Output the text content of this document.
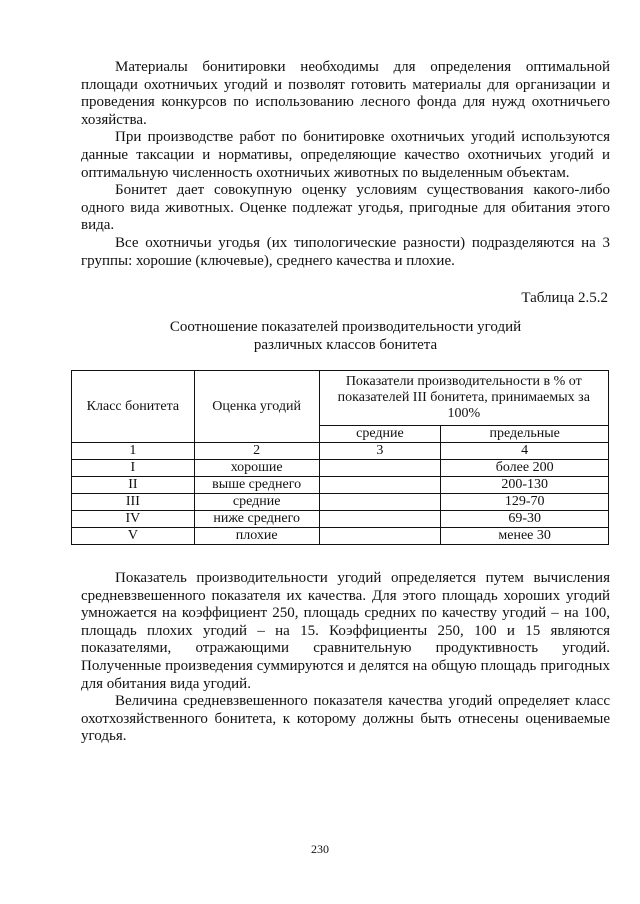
Материалы бонитировки необходимы для определения оптимальной площади охотничьих угодий и позволят готовить материалы для организации и проведения конкурсов по использованию лесного фонда для нужд охотничьего хозяйства.

При производстве работ по бонитировке охотничьих угодий используются данные таксации и нормативы, определяющие качество охотничьих угодий и оптимальную численность охотничьих животных по выделенным объектам.

Бонитет дает совокупную оценку условиям существования какого-либо одного вида животных. Оценке подлежат угодья, пригодные для обитания этого вида.

Все охотничьи угодья (их типологические разности) подразделяются на 3 группы: хорошие (ключевые), среднего качества и плохие.

Таблица 2.5.2
Соотношение показателей производительности угодий
различных классов бонитета
Класс бонитета	Оценка угодий	Показатели производительности в % от показателей III бонитета, принимаемых за 100%	
		средние	предельные
1	2	3	4
I	хорошие		более 200
II	выше среднего		200-130
III	средние		129-70
IV	ниже среднего		69-30
V	плохие		менее 30

Показатель производительности угодий определяется путем вычисления средневзвешенного показателя их качества. Для этого площадь хороших угодий умножается на коэффициент 250, площадь средних по качеству угодий – на 100, площадь плохих угодий – на 15. Коэффициенты 250, 100 и 15 являются показателями, отражающими сравнительную продуктивность угодий. Полученные произведения суммируются и делятся на общую площадь пригодных для обитания вида угодий.

Величина средневзвешенного показателя качества угодий определяет класс охотхозяйственного бонитета, к которому должны быть отнесены оцениваемые угодья.

230
